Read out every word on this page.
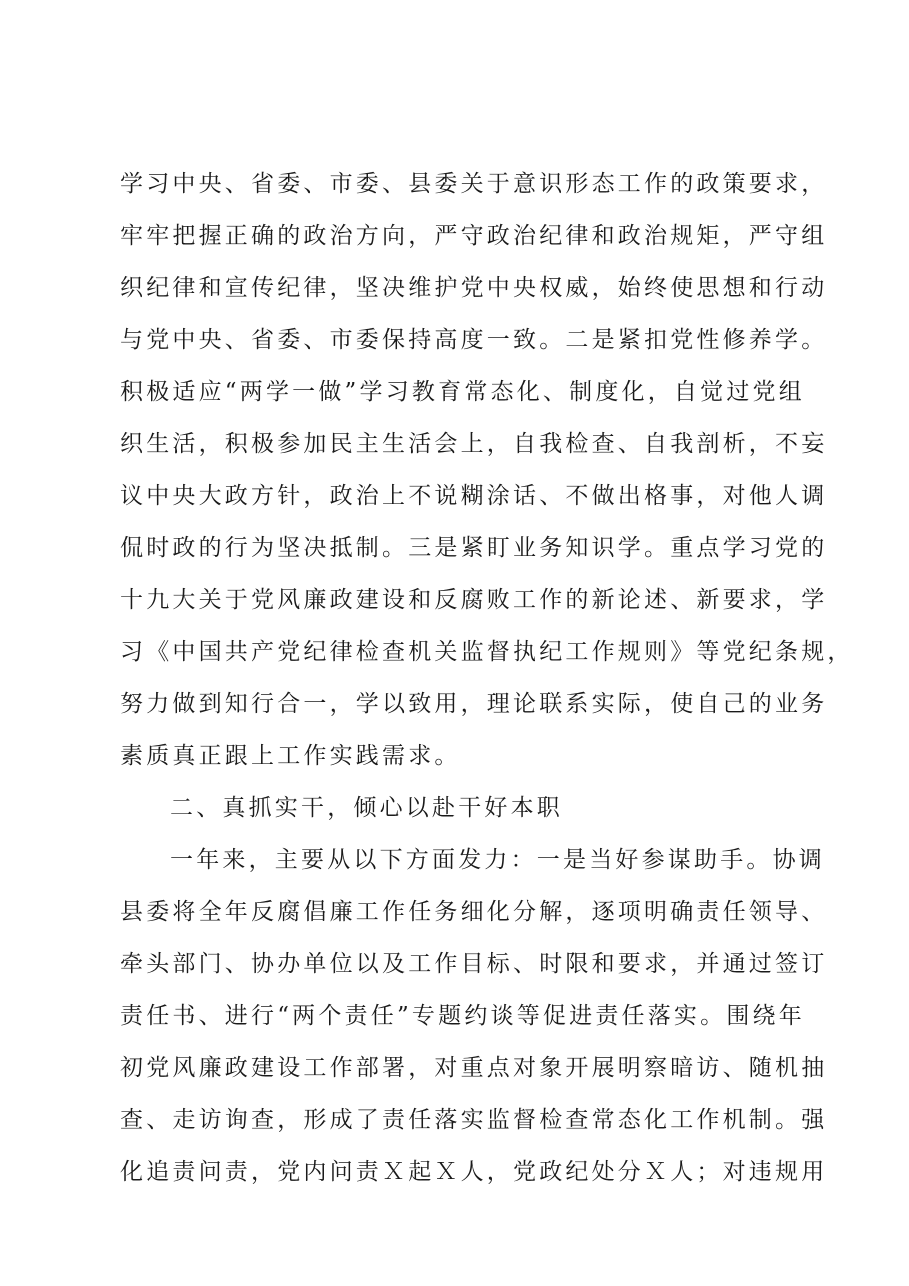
学习中央、省委、市委、县委关于意识形态工作的政策要求，
牢牢把握正确的政治方向，严守政治纪律和政治规矩，严守组
织纪律和宣传纪律，坚决维护党中央权威，始终使思想和行动
与党中央、省委、市委保持高度一致。二是紧扣党性修养学。
积极适应“两学一做”学习教育常态化、制度化，自觉过党组
织生活，积极参加民主生活会上，自我检查、自我剖析，不妄
议中央大政方针，政治上不说糊涂话、不做出格事，对他人调
侃时政的行为坚决抵制。三是紧盯业务知识学。重点学习党的
十九大关于党风廉政建设和反腐败工作的新论述、新要求，学
习《中国共产党纪律检查机关监督执纪工作规则》等党纪条规，
努力做到知行合一，学以致用，理论联系实际，使自己的业务
素质真正跟上工作实践需求。
二、真抓实干，倾心以赴干好本职
一年来，主要从以下方面发力：一是当好参谋助手。协调
县委将全年反腐倡廉工作任务细化分解，逐项明确责任领导、
牵头部门、协办单位以及工作目标、时限和要求，并通过签订
责任书、进行“两个责任”专题约谈等促进责任落实。围绕年
初党风廉政建设工作部署，对重点对象开展明察暗访、随机抽
查、走访询查，形成了责任落实监督检查常态化工作机制。强
化追责问责，党内问责Ｘ起Ｘ人，党政纪处分Ｘ人；对违规用
